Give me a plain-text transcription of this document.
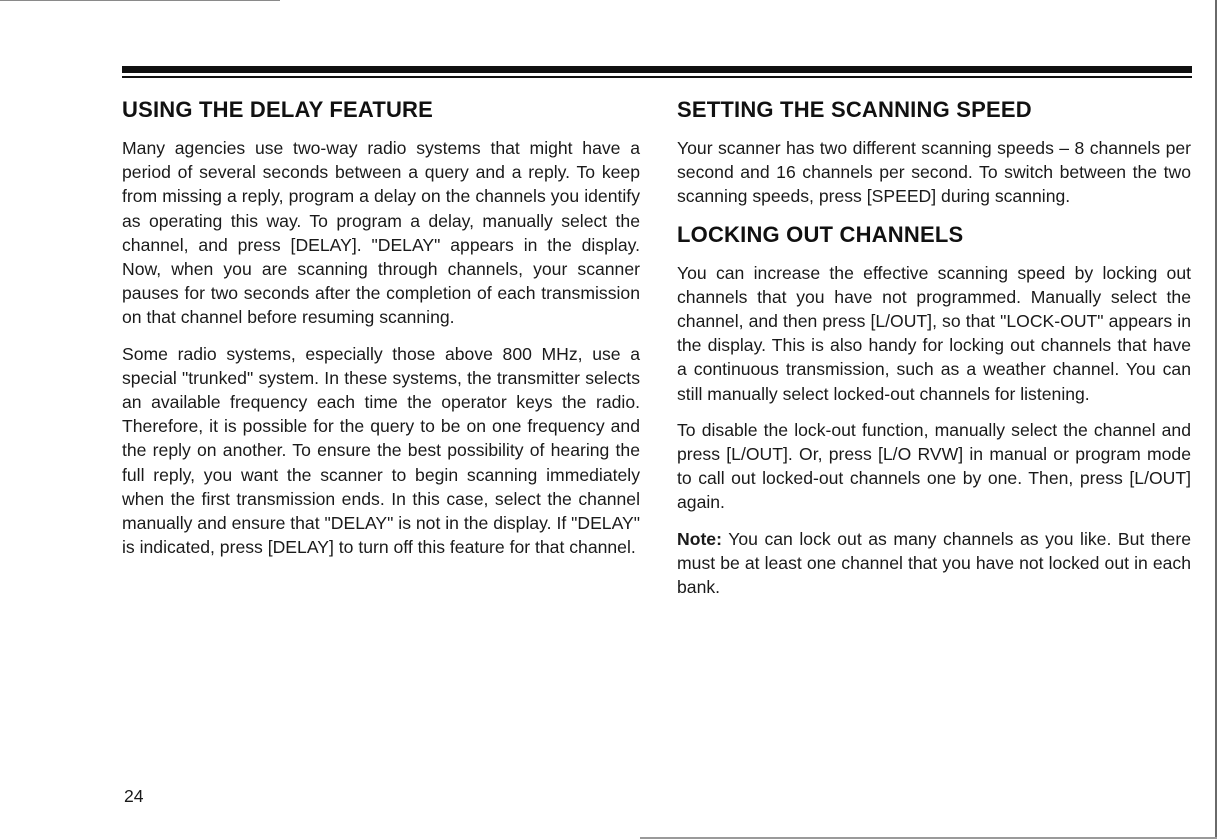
USING THE DELAY FEATURE

Many agencies use two-way radio systems that might have a period of several seconds between a query and a reply. To keep from missing a reply, program a delay on the channels you identify as operating this way. To program a delay, manually select the channel, and press [DELAY]. "DELAY" appears in the display. Now, when you are scanning through channels, your scanner pauses for two seconds after the completion of each transmission on that channel before resuming scanning.

Some radio systems, especially those above 800 MHz, use a special "trunked" system. In these systems, the transmitter selects an available frequency each time the operator keys the radio. Therefore, it is possible for the query to be on one frequency and the reply on another. To ensure the best possibility of hearing the full reply, you want the scanner to begin scanning immediately when the first transmission ends. In this case, select the channel manually and ensure that "DELAY" is not in the display. If "DELAY" is indicated, press [DELAY] to turn off this feature for that channel.

SETTING THE SCANNING SPEED

Your scanner has two different scanning speeds – 8 channels per second and 16 channels per second. To switch between the two scanning speeds, press [SPEED] during scanning.

LOCKING OUT CHANNELS

You can increase the effective scanning speed by locking out channels that you have not programmed. Manually select the channel, and then press [L/OUT], so that "LOCK-OUT" appears in the display. This is also handy for locking out channels that have a continuous transmission, such as a weather channel. You can still manually select locked-out channels for listening.

To disable the lock-out function, manually select the channel and press [L/OUT]. Or, press [L/O RVW] in manual or program mode to call out locked-out channels one by one. Then, press [L/OUT] again.

Note: You can lock out as many channels as you like. But there must be at least one channel that you have not locked out in each bank.

24
